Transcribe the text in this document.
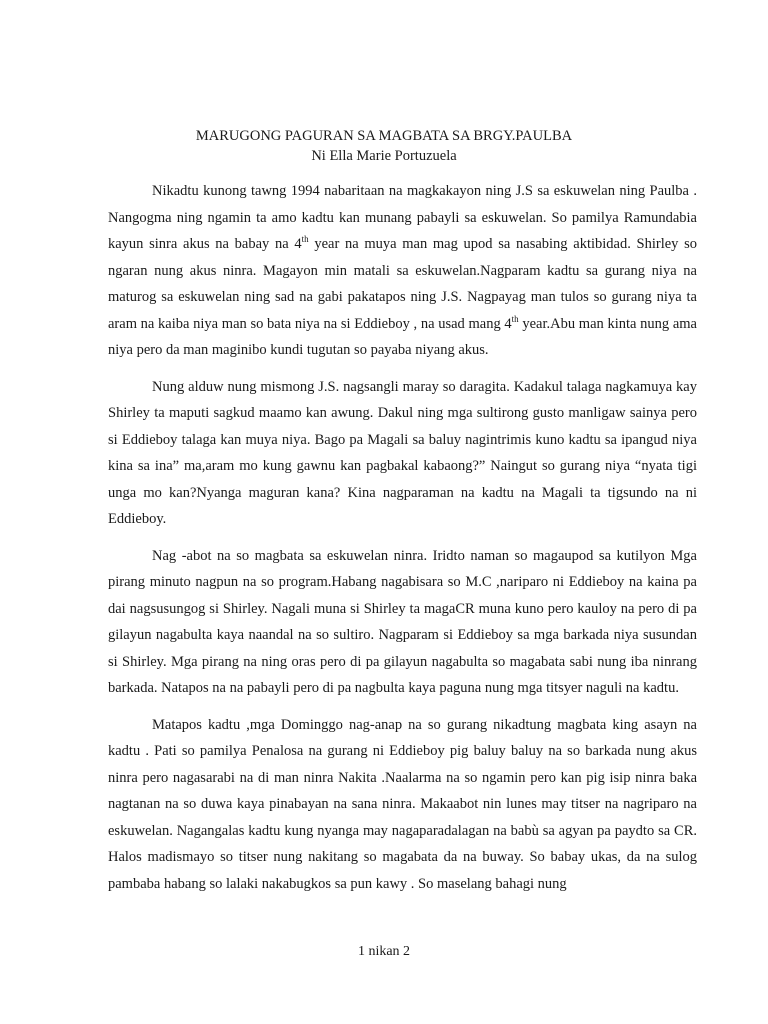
MARUGONG PAGURAN SA MAGBATA SA BRGY.PAULBA
Ni Ella Marie Portuzuela

Nikadtu kunong tawng 1994 nabaritaan na magkakayon ning J.S sa eskuwelan ning Paulba . Nangogma ning ngamin ta amo kadtu kan munang pabayli sa eskuwelan. So pamilya Ramundabia kayun sinra akus na babay na 4th year na muya man mag upod sa nasabing aktibidad. Shirley so ngaran nung akus ninra. Magayon min matali sa eskuwelan.Nagparam kadtu sa gurang niya na maturog sa eskuwelan ning sad na gabi pakatapos ning J.S. Nagpayag man tulos so gurang niya ta aram na kaiba niya man so bata niya na si Eddieboy , na usad mang 4th year.Abu man kinta nung ama niya pero da man maginibo kundi tugutan so payaba niyang akus.

Nung alduw nung mismong J.S. nagsangli maray so daragita. Kadakul talaga nagkamuya kay Shirley ta maputi sagkud maamo kan awung. Dakul ning mga sultirong gusto manligaw sainya pero si Eddieboy talaga kan muya niya. Bago pa Magali sa baluy nagintrimis kuno kadtu sa ipangud niya kina sa ina” ma,aram mo kung gawnu kan pagbakal kabaong?” Naingut so gurang niya “nyata tigi unga mo kan?Nyanga maguran kana? Kina nagparaman na kadtu na Magali ta tigsundo na ni Eddieboy.

Nag -abot na so magbata sa eskuwelan ninra. Iridto naman so magaupod sa kutilyon Mga pirang minuto nagpun na so program.Habang nagabisara so M.C ,nariparo ni Eddieboy na kaina pa dai nagsusungog si Shirley. Nagali muna si Shirley ta magaCR muna kuno pero kauloy na pero di pa gilayun nagabulta kaya naandal na so sultiro. Nagparam si Eddieboy sa mga barkada niya susundan si Shirley. Mga pirang na ning oras pero di pa gilayun nagabulta so magabata sabi nung iba ninrang barkada. Natapos na na pabayli pero di pa nagbulta kaya paguna nung mga titsyer naguli na kadtu.

Matapos kadtu ,mga Dominggo nag-anap na so gurang nikadtung magbata king asayn na kadtu . Pati so pamilya Penalosa na gurang ni Eddieboy pig baluy baluy na so barkada nung akus ninra pero nagasarabi na di man ninra Nakita .Naalarma na so ngamin pero kan pig isip ninra baka nagtanan na so duwa kaya pinabayan na sana ninra. Makaabot nin lunes may titser na nagriparo na eskuwelan. Nagangalas kadtu kung nyanga may nagaparadalagan na babù sa agyan pa paydto sa CR. Halos madismayo so titser nung nakitang so magabata da na buway. So babay ukas, da na sulog pambaba habang so lalaki nakabugkos sa pun kawy . So maselang bahagi nung

1 nikan 2
